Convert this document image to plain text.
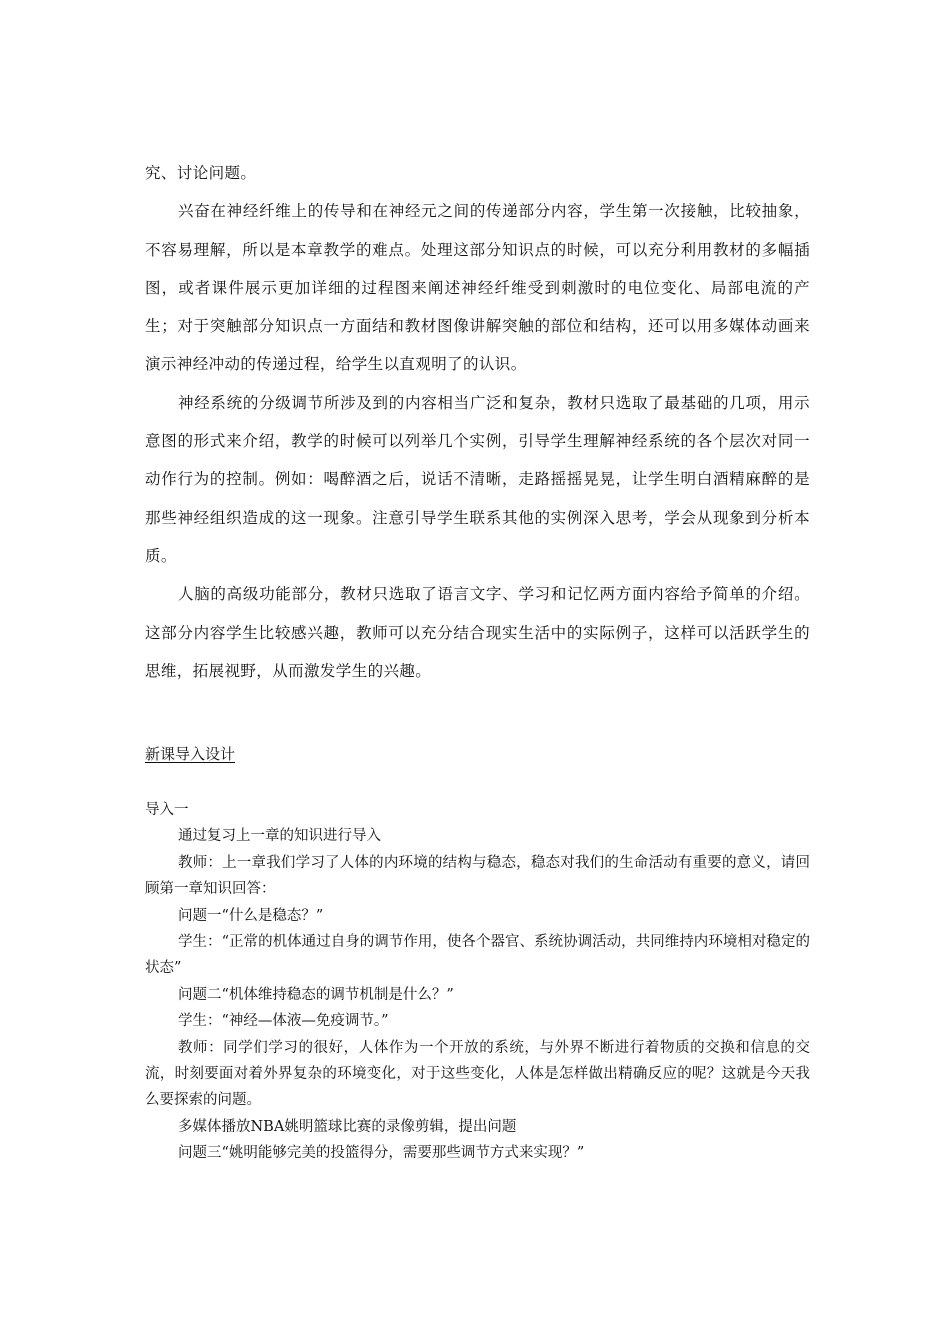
究、讨论问题。

兴奋在神经纤维上的传导和在神经元之间的传递部分内容，学生第一次接触，比较抽象，不容易理解，所以是本章教学的难点。处理这部分知识点的时候，可以充分利用教材的多幅插图，或者课件展示更加详细的过程图来阐述神经纤维受到刺激时的电位变化、局部电流的产生；对于突触部分知识点一方面结和教材图像讲解突触的部位和结构，还可以用多媒体动画来演示神经冲动的传递过程，给学生以直观明了的认识。

神经系统的分级调节所涉及到的内容相当广泛和复杂，教材只选取了最基础的几项，用示意图的形式来介绍，教学的时候可以列举几个实例，引导学生理解神经系统的各个层次对同一动作行为的控制。例如：喝醉酒之后，说话不清晰，走路摇摇晃晃，让学生明白酒精麻醉的是那些神经组织造成的这一现象。注意引导学生联系其他的实例深入思考，学会从现象到分析本质。

人脑的高级功能部分，教材只选取了语言文字、学习和记忆两方面内容给予简单的介绍。这部分内容学生比较感兴趣，教师可以充分结合现实生活中的实际例子，这样可以活跃学生的思维，拓展视野，从而激发学生的兴趣。

新课导入设计

导入一

通过复习上一章的知识进行导入

教师：上一章我们学习了人体的内环境的结构与稳态，稳态对我们的生命活动有重要的意义，请回顾第一章知识回答：

问题一“什么是稳态？”

学生：“正常的机体通过自身的调节作用，使各个器官、系统协调活动，共同维持内环境相对稳定的状态”

问题二“机体维持稳态的调节机制是什么？”

学生：“神经—体液—免疫调节。”

教师：同学们学习的很好，人体作为一个开放的系统，与外界不断进行着物质的交换和信息的交流，时刻要面对着外界复杂的环境变化，对于这些变化，人体是怎样做出精确反应的呢？这就是今天我么要探索的问题。

多媒体播放NBA姚明篮球比赛的录像剪辑，提出问题

问题三“姚明能够完美的投篮得分，需要那些调节方式来实现？”
